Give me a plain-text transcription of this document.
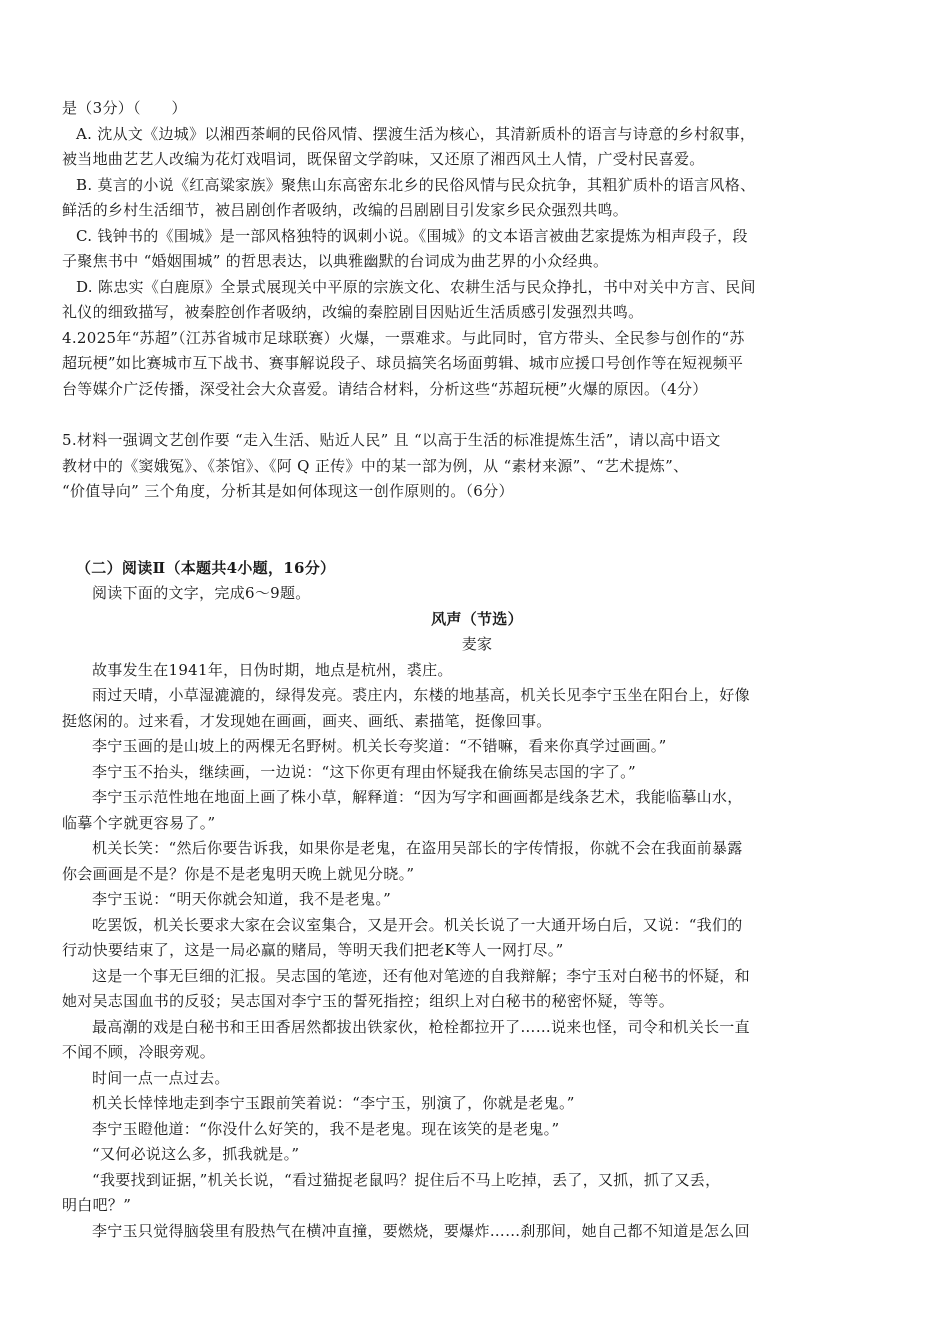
是（3分）（　　）
A. 沈从文《边城》以湘西茶峒的民俗风情、摆渡生活为核心，其清新质朴的语言与诗意的乡村叙事，
被当地曲艺艺人改编为花灯戏唱词，既保留文学韵味，又还原了湘西风土人情，广受村民喜爱。
B. 莫言的小说《红高粱家族》聚焦山东高密东北乡的民俗风情与民众抗争，其粗犷质朴的语言风格、
鲜活的乡村生活细节，被吕剧创作者吸纳，改编的吕剧剧目引发家乡民众强烈共鸣。
C. 钱钟书的《围城》是一部风格独特的讽刺小说。《围城》的文本语言被曲艺家提炼为相声段子，段
子聚焦书中 “婚姻围城” 的哲思表达，以典雅幽默的台词成为曲艺界的小众经典。
D. 陈忠实《白鹿原》全景式展现关中平原的宗族文化、农耕生活与民众挣扎，书中对关中方言、民间
礼仪的细致描写，被秦腔创作者吸纳，改编的秦腔剧目因贴近生活质感引发强烈共鸣。
4.2025年“苏超”（江苏省城市足球联赛）火爆，一票难求。与此同时，官方带头、全民参与创作的“苏
超玩梗”如比赛城市互下战书、赛事解说段子、球员搞笑名场面剪辑、城市应援口号创作等在短视频平
台等媒介广泛传播，深受社会大众喜爱。请结合材料，分析这些“苏超玩梗”火爆的原因。（4分）
5.材料一强调文艺创作要 “走入生活、贴近人民” 且 “以高于生活的标准提炼生活”，请以高中语文
教材中的《窦娥冤》、《茶馆》、《阿 Q 正传》中的某一部为例，从 “素材来源”、“艺术提炼”、
“价值导向” 三个角度，分析其是如何体现这一创作原则的。（6分）
（二）阅读Ⅱ（本题共4小题，16分）
阅读下面的文字，完成6～9题。
风声（节选）
麦家
故事发生在1941年，日伪时期，地点是杭州，裘庄。
雨过天晴，小草湿漉漉的，绿得发亮。裘庄内，东楼的地基高，机关长见李宁玉坐在阳台上，好像
挺悠闲的。过来看，才发现她在画画，画夹、画纸、素描笔，挺像回事。
李宁玉画的是山坡上的两棵无名野树。机关长夸奖道：“不错嘛，看来你真学过画画。”
李宁玉不抬头，继续画，一边说：“这下你更有理由怀疑我在偷练吴志国的字了。”
李宁玉示范性地在地面上画了株小草，解释道：“因为写字和画画都是线条艺术，我能临摹山水，
临摹个字就更容易了。”
机关长笑：“然后你要告诉我，如果你是老鬼，在盗用吴部长的字传情报，你就不会在我面前暴露
你会画画是不是？你是不是老鬼明天晚上就见分晓。”
李宁玉说：“明天你就会知道，我不是老鬼。”
吃罢饭，机关长要求大家在会议室集合，又是开会。机关长说了一大通开场白后，又说：“我们的
行动快要结束了，这是一局必赢的赌局，等明天我们把老K等人一网打尽。”
这是一个事无巨细的汇报。吴志国的笔迹，还有他对笔迹的自我辩解；李宁玉对白秘书的怀疑，和
她对吴志国血书的反驳；吴志国对李宁玉的誓死指控；组织上对白秘书的秘密怀疑，等等。
最高潮的戏是白秘书和王田香居然都拔出铁家伙，枪栓都拉开了……说来也怪，司令和机关长一直
不闻不顾，冷眼旁观。
时间一点一点过去。
机关长悻悻地走到李宁玉跟前笑着说：“李宁玉，别演了，你就是老鬼。”
李宁玉瞪他道：“你没什么好笑的，我不是老鬼。现在该笑的是老鬼。”
“又何必说这么多，抓我就是。”
“我要找到证据，”机关长说，“看过猫捉老鼠吗？捉住后不马上吃掉，丢了，又抓，抓了又丢，
明白吧？”
李宁玉只觉得脑袋里有股热气在横冲直撞，要燃烧，要爆炸……刹那间，她自己都不知道是怎么回
